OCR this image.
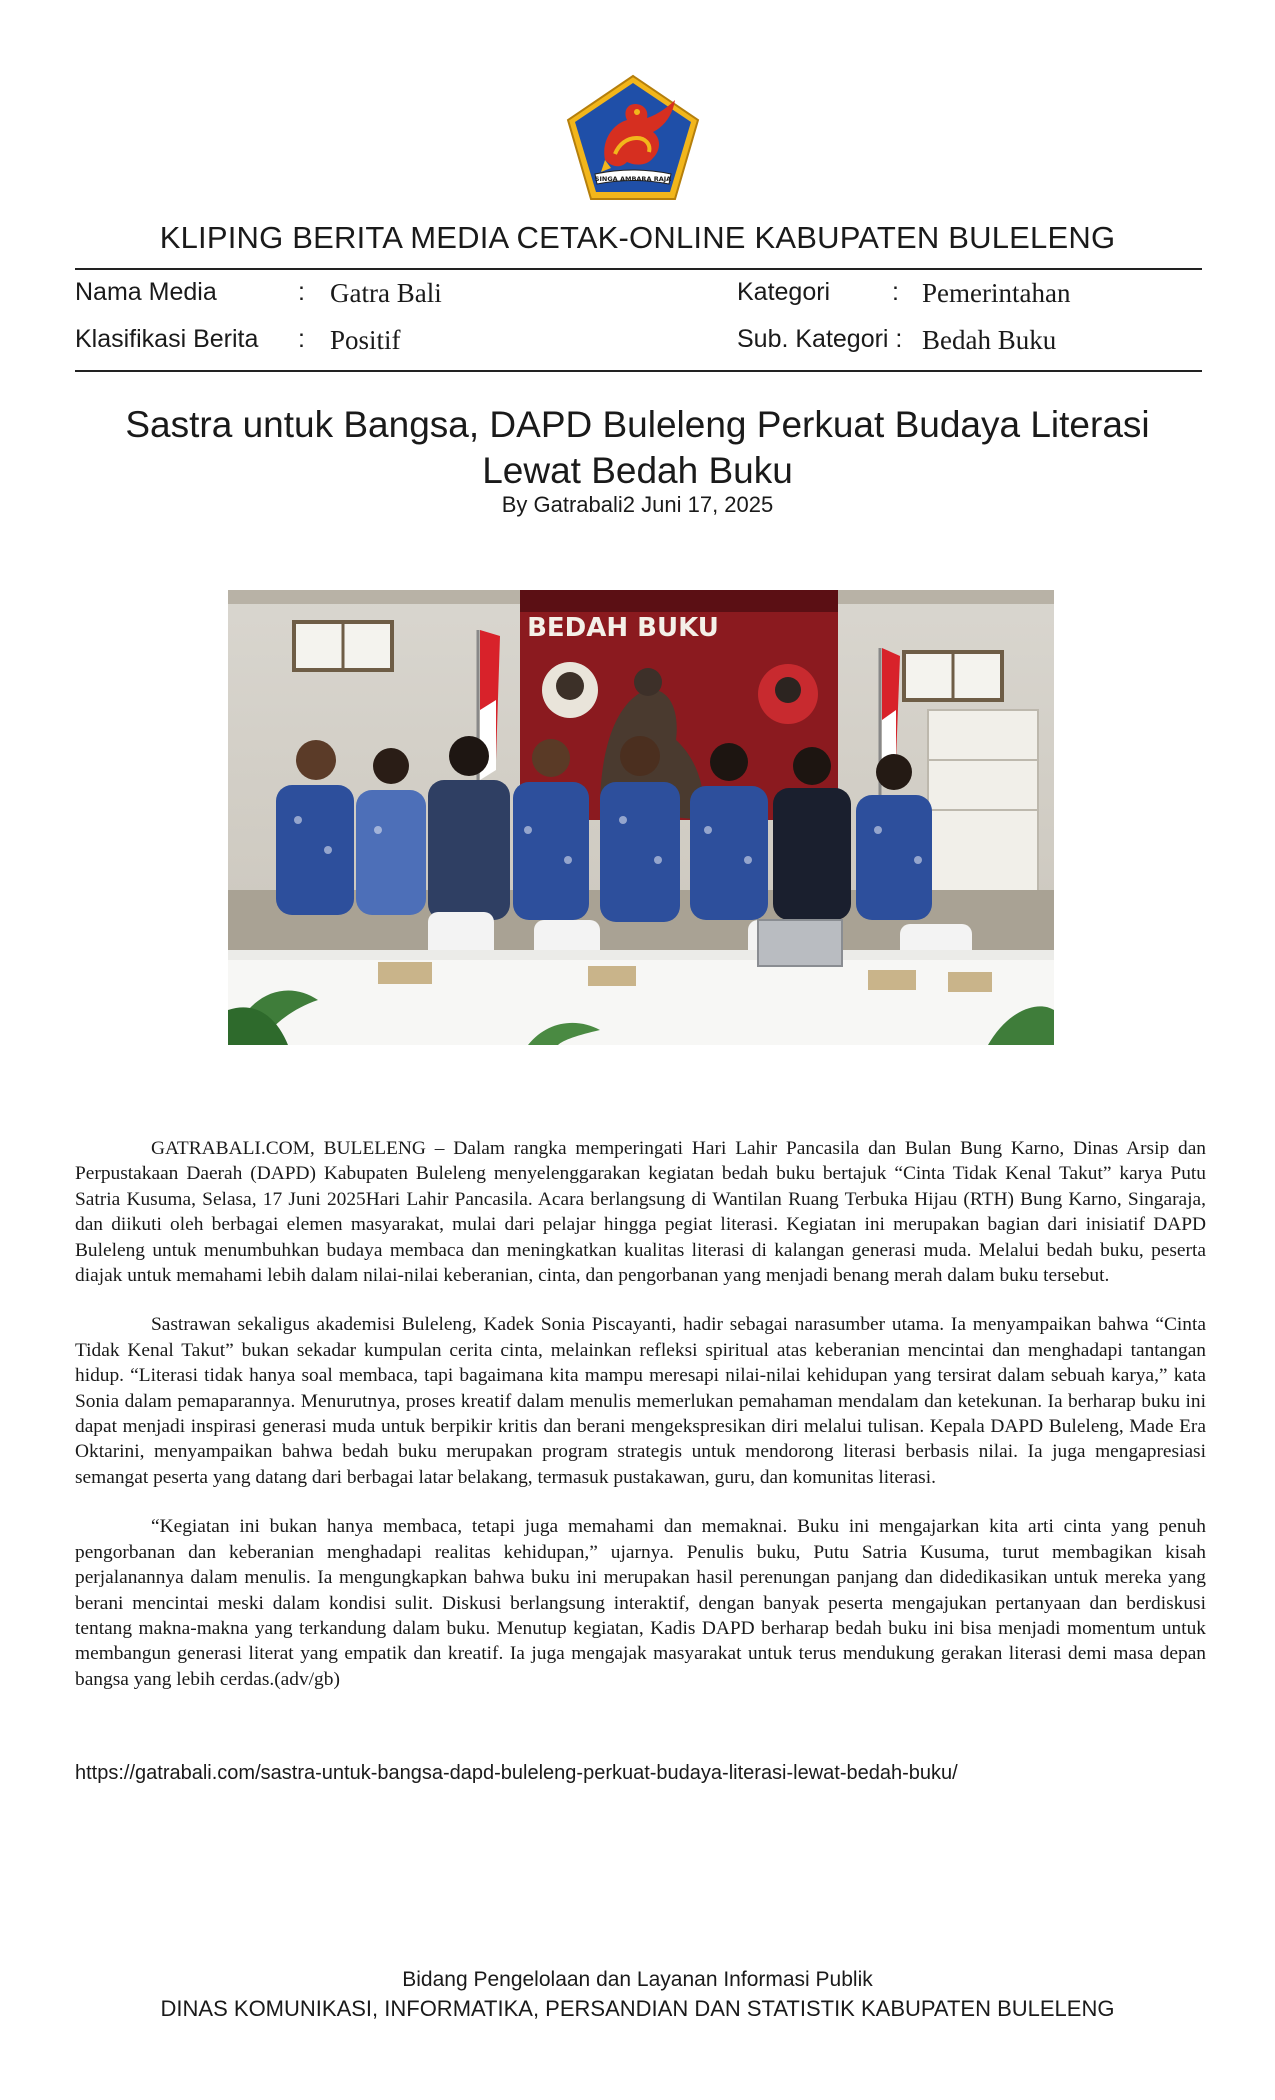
SINGA AMBARA RAJA
KLIPING BERITA MEDIA CETAK-ONLINE KABUPATEN BULELENG
Nama Media	: Gatra Bali	Kategori : Pemerintahan
Klasifikasi Berita : Positif	Sub. Kategori : Bedah Buku
Sastra untuk Bangsa, DAPD Buleleng Perkuat Budaya Literasi
Lewat Bedah Buku
By Gatrabali2 Juni 17, 2025
BEDAH BUKU

GATRABALI.COM, BULELENG – Dalam rangka memperingati Hari Lahir Pancasila dan Bulan Bung Karno, Dinas Arsip dan Perpustakaan Daerah (DAPD) Kabupaten Buleleng menyelenggarakan kegiatan bedah buku bertajuk “Cinta Tidak Kenal Takut” karya Putu Satria Kusuma, Selasa, 17 Juni 2025Hari Lahir Pancasila. Acara berlangsung di Wantilan Ruang Terbuka Hijau (RTH) Bung Karno, Singaraja, dan diikuti oleh berbagai elemen masyarakat, mulai dari pelajar hingga pegiat literasi. Kegiatan ini merupakan bagian dari inisiatif DAPD Buleleng untuk menumbuhkan budaya membaca dan meningkatkan kualitas literasi di kalangan generasi muda. Melalui bedah buku, peserta diajak untuk memahami lebih dalam nilai-nilai keberanian, cinta, dan pengorbanan yang menjadi benang merah dalam buku tersebut.

Sastrawan sekaligus akademisi Buleleng, Kadek Sonia Piscayanti, hadir sebagai narasumber utama. Ia menyampaikan bahwa “Cinta Tidak Kenal Takut” bukan sekadar kumpulan cerita cinta, melainkan refleksi spiritual atas keberanian mencintai dan menghadapi tantangan hidup. “Literasi tidak hanya soal membaca, tapi bagaimana kita mampu meresapi nilai-nilai kehidupan yang tersirat dalam sebuah karya,” kata Sonia dalam pemaparannya. Menurutnya, proses kreatif dalam menulis memerlukan pemahaman mendalam dan ketekunan. Ia berharap buku ini dapat menjadi inspirasi generasi muda untuk berpikir kritis dan berani mengekspresikan diri melalui tulisan. Kepala DAPD Buleleng, Made Era Oktarini, menyampaikan bahwa bedah buku merupakan program strategis untuk mendorong literasi berbasis nilai. Ia juga mengapresiasi semangat peserta yang datang dari berbagai latar belakang, termasuk pustakawan, guru, dan komunitas literasi.

“Kegiatan ini bukan hanya membaca, tetapi juga memahami dan memaknai. Buku ini mengajarkan kita arti cinta yang penuh pengorbanan dan keberanian menghadapi realitas kehidupan,” ujarnya. Penulis buku, Putu Satria Kusuma, turut membagikan kisah perjalanannya dalam menulis. Ia mengungkapkan bahwa buku ini merupakan hasil perenungan panjang dan didedikasikan untuk mereka yang berani mencintai meski dalam kondisi sulit. Diskusi berlangsung interaktif, dengan banyak peserta mengajukan pertanyaan dan berdiskusi tentang makna-makna yang terkandung dalam buku. Menutup kegiatan, Kadis DAPD berharap bedah buku ini bisa menjadi momentum untuk membangun generasi literat yang empatik dan kreatif. Ia juga mengajak masyarakat untuk terus mendukung gerakan literasi demi masa depan bangsa yang lebih cerdas.(adv/gb)

https://gatrabali.com/sastra-untuk-bangsa-dapd-buleleng-perkuat-budaya-literasi-lewat-bedah-buku/
Bidang Pengelolaan dan Layanan Informasi Publik
DINAS KOMUNIKASI, INFORMATIKA, PERSANDIAN DAN STATISTIK KABUPATEN BULELENG
